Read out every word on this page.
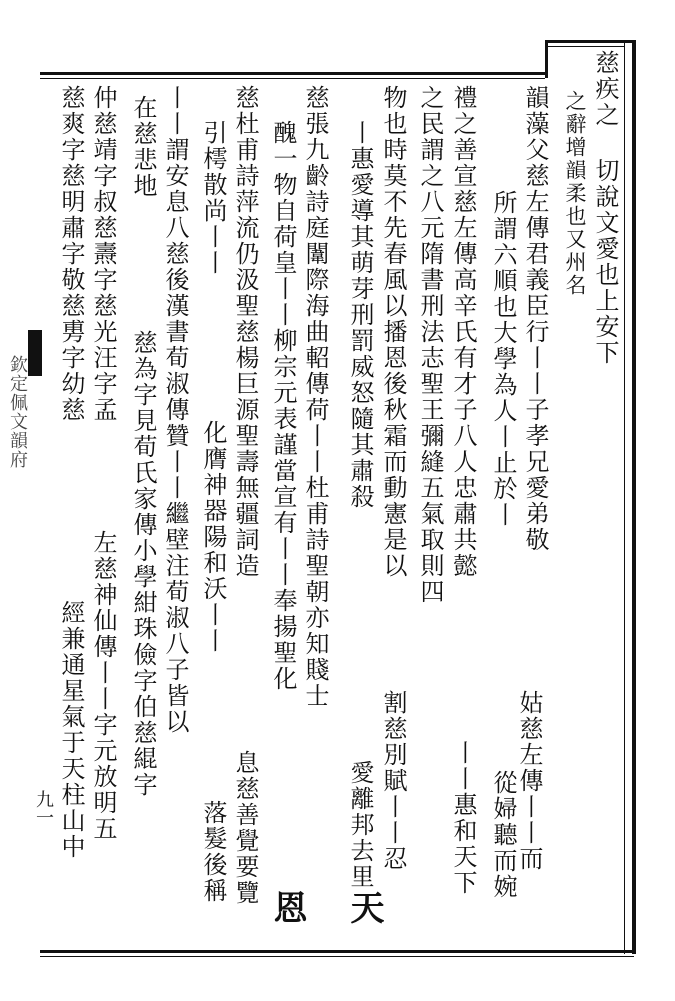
欽定佩文韻府
九一
慈疾之 切說文愛也上安下
之辭增韻柔也又州名
韻藻父慈左傳君義臣行丨丨子孝兄愛弟敬
所謂六順也大學為人丨止於丨
姑慈左傳丨丨而
從婦聽而婉
禮之善宣慈左傳高辛氏有才子八人忠肅共懿
之民謂之八元隋書刑法志聖王彌縫五氣取則四
丨丨惠和天下
物也時莫不先春風以播恩後秋霜而動憲是以
丨惠愛導其萌芽刑罰威怒隨其肅殺
割慈別賦丨丨忍
愛離邦去里
天
慈張九齡詩庭闈際海曲軺傳荷丨丨杜甫詩聖朝亦知賤士
醜一物自荷皇丨丨柳宗元表謹當宣有丨丨奉揚聖化
恩
慈杜甫詩萍流仍汲聖慈楊巨源聖壽無疆詞造
引樗散尚丨丨
化膺神器陽和沃丨丨
息慈善覺要覽
落髮後稱
丨丨謂安息八慈後漢書荀淑傳贊丨丨繼壁注荀淑八子皆以
在慈悲地
慈為字見荀氏家傳小學紺珠儉字伯慈緄字
仲慈靖字叔慈燾字慈光汪字孟
慈爽字慈明肅字敬慈旉字幼慈
左慈神仙傳丨丨字元放明五
經兼通星氣于天柱山中
